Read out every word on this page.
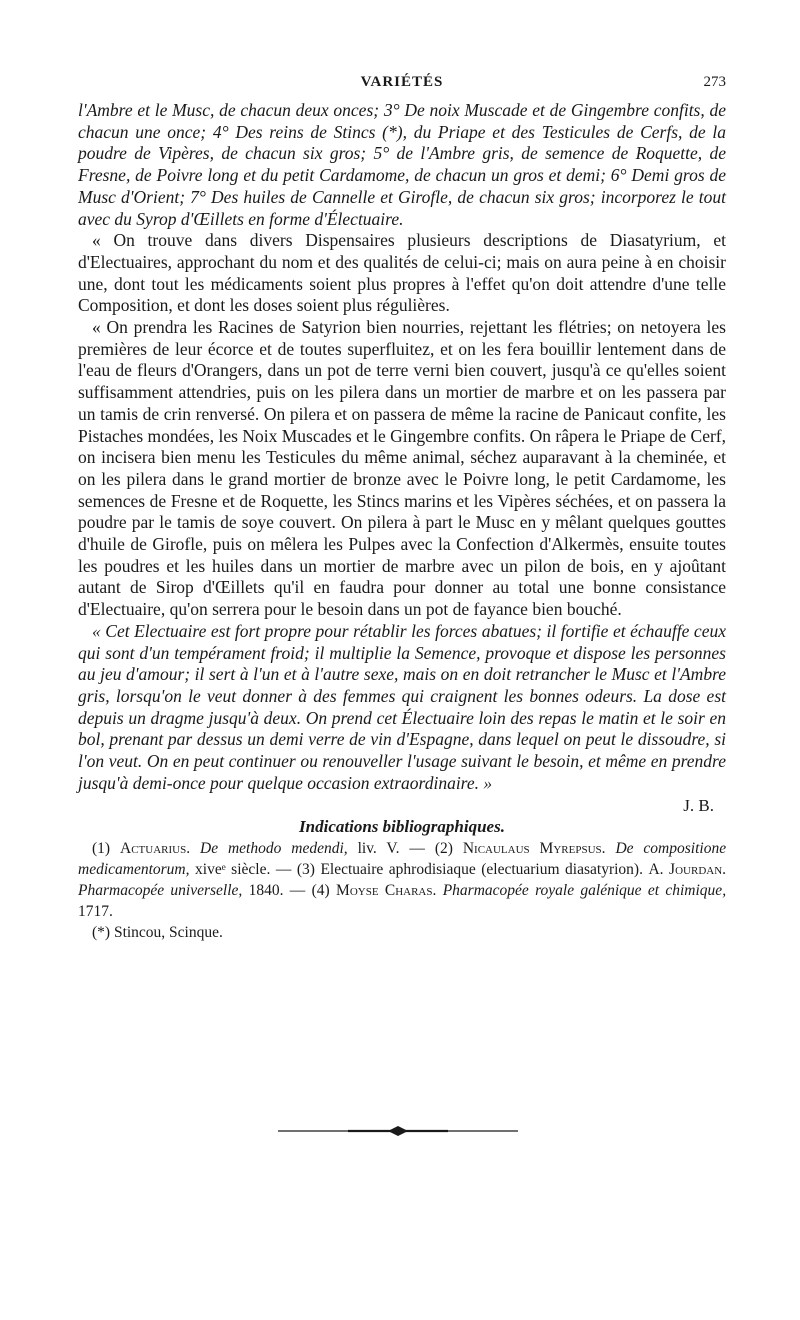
VARIÉTÉS	273

l'Ambre et le Musc, de chacun deux onces; 3° De noix Muscade et de Gingembre confits, de chacun une once; 4° Des reins de Stincs (*), du Priape et des Testicules de Cerfs, de la poudre de Vipères, de chacun six gros; 5° de l'Ambre gris, de semence de Roquette, de Fresne, de Poivre long et du petit Cardamome, de chacun un gros et demi; 6° Demi gros de Musc d'Orient; 7° Des huiles de Cannelle et Girofle, de chacun six gros; incorporez le tout avec du Syrop d'Œillets en forme d'Électuaire.

« On trouve dans divers Dispensaires plusieurs descriptions de Diasatyrium, et d'Electuaires, approchant du nom et des qualités de celui-ci; mais on aura peine à en choisir une, dont tout les médicaments soient plus propres à l'effet qu'on doit attendre d'une telle Composition, et dont les doses soient plus régulières.

« On prendra les Racines de Satyrion bien nourries, rejettant les flétries; on netoyera les premières de leur écorce et de toutes superfluitez, et on les fera bouillir lentement dans de l'eau de fleurs d'Orangers, dans un pot de terre verni bien couvert, jusqu'à ce qu'elles soient suffisamment attendries, puis on les pilera dans un mortier de marbre et on les passera par un tamis de crin renversé. On pilera et on passera de même la racine de Panicaut confite, les Pistaches mondées, les Noix Muscades et le Gingembre confits. On râpera le Priape de Cerf, on incisera bien menu les Testicules du même animal, séchez auparavant à la cheminée, et on les pilera dans le grand mortier de bronze avec le Poivre long, le petit Cardamome, les semences de Fresne et de Roquette, les Stincs marins et les Vipères séchées, et on passera la poudre par le tamis de soye couvert. On pilera à part le Musc en y mêlant quelques gouttes d'huile de Girofle, puis on mêlera les Pulpes avec la Confection d'Alkermès, ensuite toutes les poudres et les huiles dans un mortier de marbre avec un pilon de bois, en y ajoûtant autant de Sirop d'Œillets qu'il en faudra pour donner au total une bonne consistance d'Electuaire, qu'on serrera pour le besoin dans un pot de fayance bien bouché.

« Cet Electuaire est fort propre pour rétablir les forces abatues; il fortifie et échauffe ceux qui sont d'un tempérament froid; il multiplie la Semence, provoque et dispose les personnes au jeu d'amour; il sert à l'un et à l'autre sexe, mais on en doit retrancher le Musc et l'Ambre gris, lorsqu'on le veut donner à des femmes qui craignent les bonnes odeurs. La dose est depuis un dragme jusqu'à deux. On prend cet Électuaire loin des repas le matin et le soir en bol, prenant par dessus un demi verre de vin d'Espagne, dans lequel on peut le dissoudre, si l'on veut. On en peut continuer ou renouveller l'usage suivant le besoin, et même en prendre jusqu'à demi-once pour quelque occasion extraordinaire. »

J. B.

Indications bibliographiques.

(1) Actuarius. De methodo medendi, liv. V. — (2) Nicaulaus Myrepsus. De compositione medicamentorum, xiveᵉ siècle. — (3) Electuaire aphrodisiaque (electuarium diasatyrion). A. Jourdan. Pharmacopée universelle, 1840. — (4) Moyse Charas. Pharmacopée royale galénique et chimique, 1717.

(*) Stincou, Scinque.
